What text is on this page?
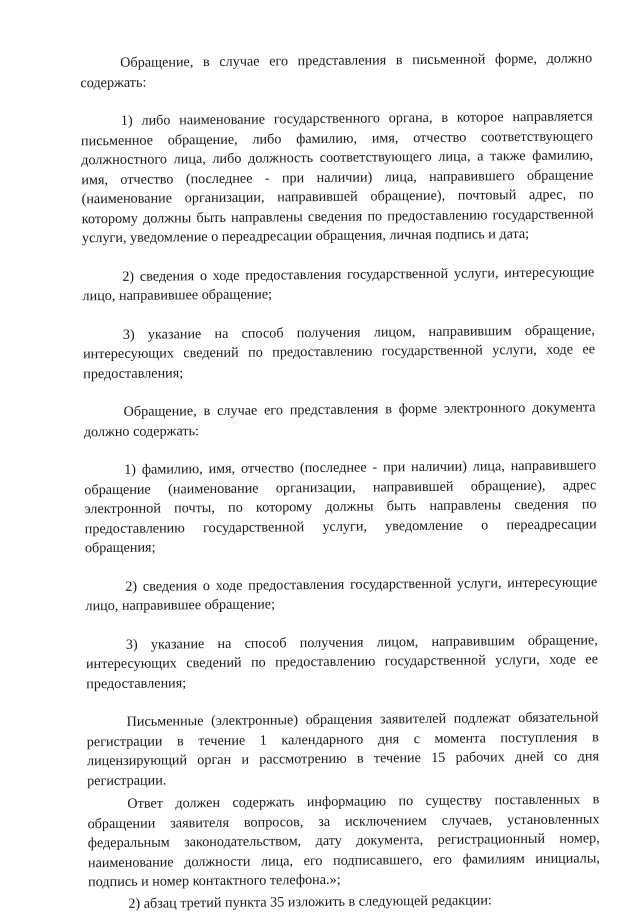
Обращение, в случае его представления в письменной форме, должно содержать:

1) либо наименование государственного органа, в которое направляется письменное обращение, либо фамилию, имя, отчество соответствующего должностного лица, либо должность соответствующего лица, а также фамилию, имя, отчество (последнее - при наличии) лица, направившего обращение (наименование организации, направившей обращение), почтовый адрес, по которому должны быть направлены сведения по предоставлению государственной услуги, уведомление о переадресации обращения, личная подпись и дата;

2) сведения о ходе предоставления государственной услуги, интересующие лицо, направившее обращение;

3) указание на способ получения лицом, направившим обращение, интересующих сведений по предоставлению государственной услуги, ходе ее предоставления;

Обращение, в случае его представления в форме электронного документа должно содержать:

1) фамилию, имя, отчество (последнее - при наличии) лица, направившего обращение (наименование организации, направившей обращение), адрес электронной почты, по которому должны быть направлены сведения по предоставлению государственной услуги, уведомление о переадресации обращения;

2) сведения о ходе предоставления государственной услуги, интересующие лицо, направившее обращение;

3) указание на способ получения лицом, направившим обращение, интересующих сведений по предоставлению государственной услуги, ходе ее предоставления;

Письменные (электронные) обращения заявителей подлежат обязательной регистрации в течение 1 календарного дня с момента поступления в лицензирующий орган и рассмотрению в течение 15 рабочих дней со дня регистрации.

Ответ должен содержать информацию по существу поставленных в обращении заявителя вопросов, за исключением случаев, установленных федеральным законодательством, дату документа, регистрационный номер, наименование должности лица, его подписавшего, его фамилиям инициалы, подпись и номер контактного телефона.»;

2) абзац третий пункта 35 изложить в следующей редакции:
